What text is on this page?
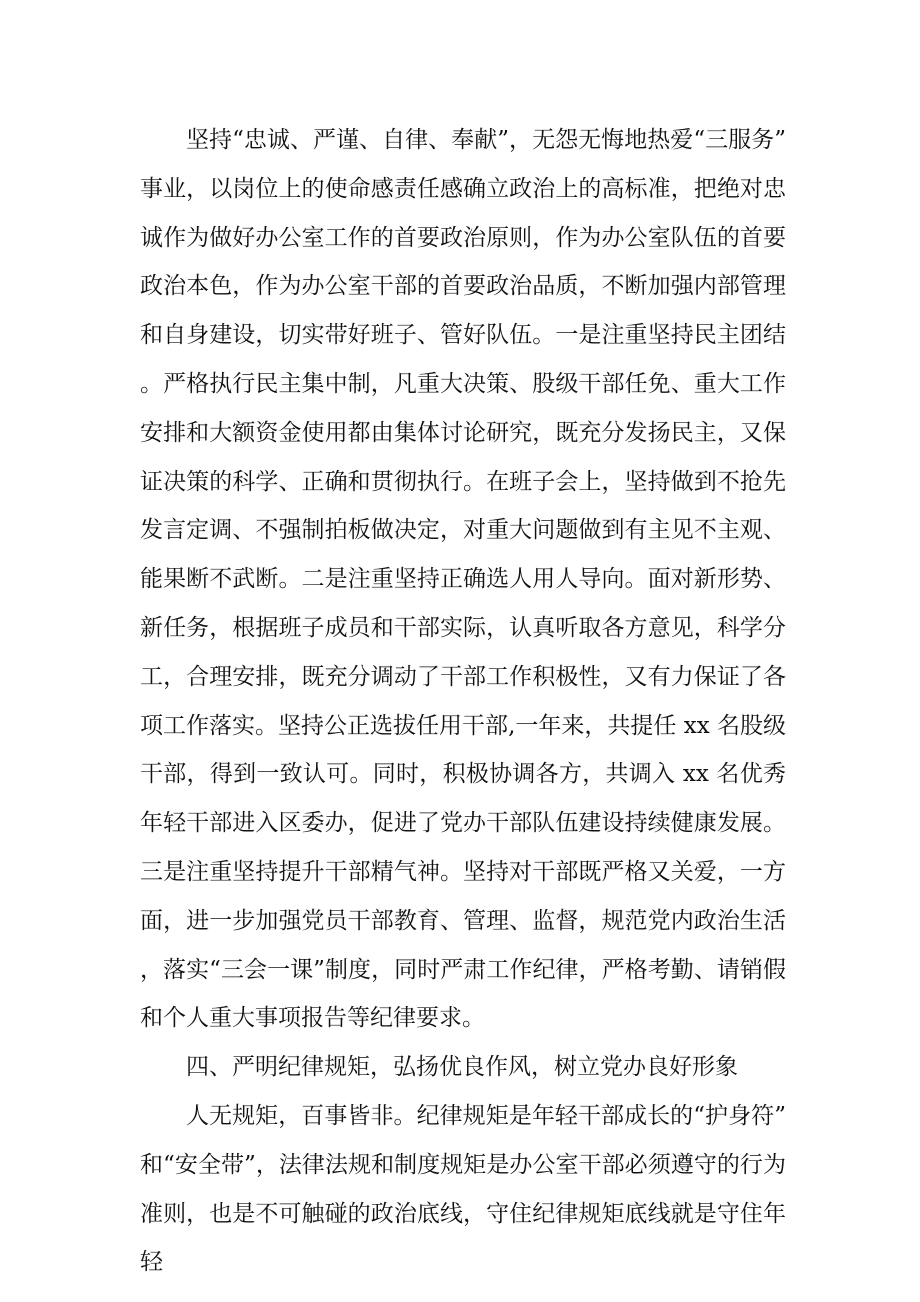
坚持“忠诚、严谨、自律、奉献”，无怨无悔地热爱“三服务”事业，以岗位上的使命感责任感确立政治上的高标准，把绝对忠诚作为做好办公室工作的首要政治原则，作为办公室队伍的首要政治本色，作为办公室干部的首要政治品质，不断加强内部管理和自身建设，切实带好班子、管好队伍。一是注重坚持民主团结。严格执行民主集中制，凡重大决策、股级干部任免、重大工作安排和大额资金使用都由集体讨论研究，既充分发扬民主，又保证决策的科学、正确和贯彻执行。在班子会上，坚持做到不抢先发言定调、不强制拍板做决定，对重大问题做到有主见不主观、能果断不武断。二是注重坚持正确选人用人导向。面对新形势、新任务，根据班子成员和干部实际，认真听取各方意见，科学分工，合理安排，既充分调动了干部工作积极性，又有力保证了各项工作落实。坚持公正选拔任用干部,一年来，共提任 xx 名股级干部，得到一致认可。同时，积极协调各方，共调入 xx 名优秀年轻干部进入区委办，促进了党办干部队伍建设持续健康发展。三是注重坚持提升干部精气神。坚持对干部既严格又关爱，一方面，进一步加强党员干部教育、管理、监督，规范党内政治生活，落实“三会一课”制度，同时严肃工作纪律，严格考勤、请销假和个人重大事项报告等纪律要求。

四、严明纪律规矩，弘扬优良作风，树立党办良好形象

人无规矩，百事皆非。纪律规矩是年轻干部成长的“护身符”和“安全带”，法律法规和制度规矩是办公室干部必须遵守的行为准则，也是不可触碰的政治底线，守住纪律规矩底线就是守住年轻
